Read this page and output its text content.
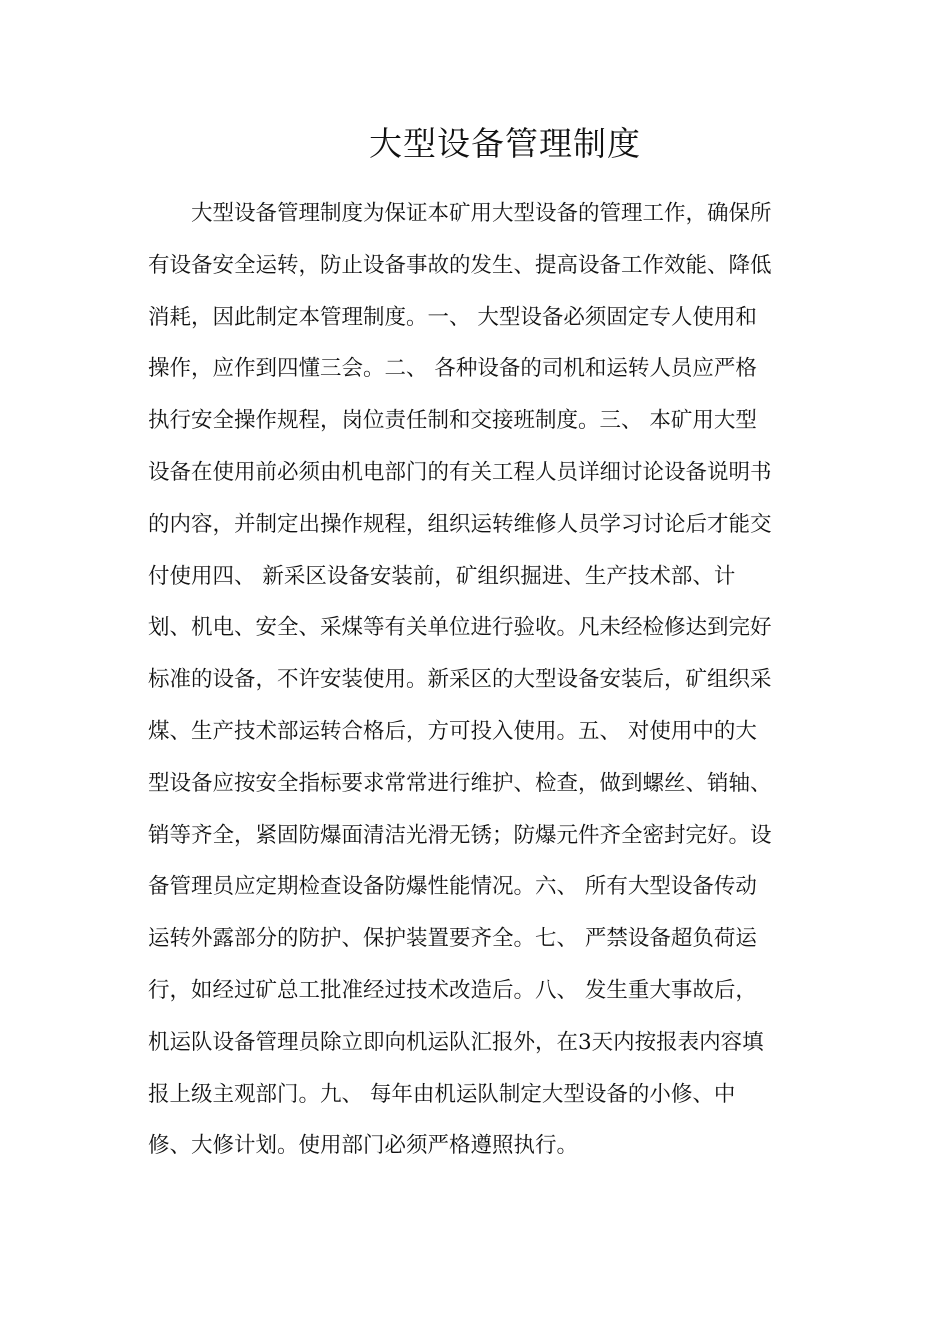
大型设备管理制度
大型设备管理制度为保证本矿用大型设备的管理工作，确保所
有设备安全运转，防止设备事故的发生、提高设备工作效能、降低
消耗，因此制定本管理制度。一、 大型设备必须固定专人使用和
操作，应作到四懂三会。二、 各种设备的司机和运转人员应严格
执行安全操作规程，岗位责任制和交接班制度。三、 本矿用大型
设备在使用前必须由机电部门的有关工程人员详细讨论设备说明书
的内容，并制定出操作规程，组织运转维修人员学习讨论后才能交
付使用四、 新采区设备安装前，矿组织掘进、生产技术部、计
划、机电、安全、采煤等有关单位进行验收。凡未经检修达到完好
标准的设备，不许安装使用。新采区的大型设备安装后，矿组织采
煤、生产技术部运转合格后，方可投入使用。五、 对使用中的大
型设备应按安全指标要求常常进行维护、检查，做到螺丝、销轴、
销等齐全，紧固防爆面清洁光滑无锈；防爆元件齐全密封完好。设
备管理员应定期检查设备防爆性能情况。六、 所有大型设备传动
运转外露部分的防护、保护装置要齐全。七、 严禁设备超负荷运
行，如经过矿总工批准经过技术改造后。八、 发生重大事故后，
机运队设备管理员除立即向机运队汇报外，在3天内按报表内容填
报上级主观部门。九、 每年由机运队制定大型设备的小修、中
修、大修计划。使用部门必须严格遵照执行。
